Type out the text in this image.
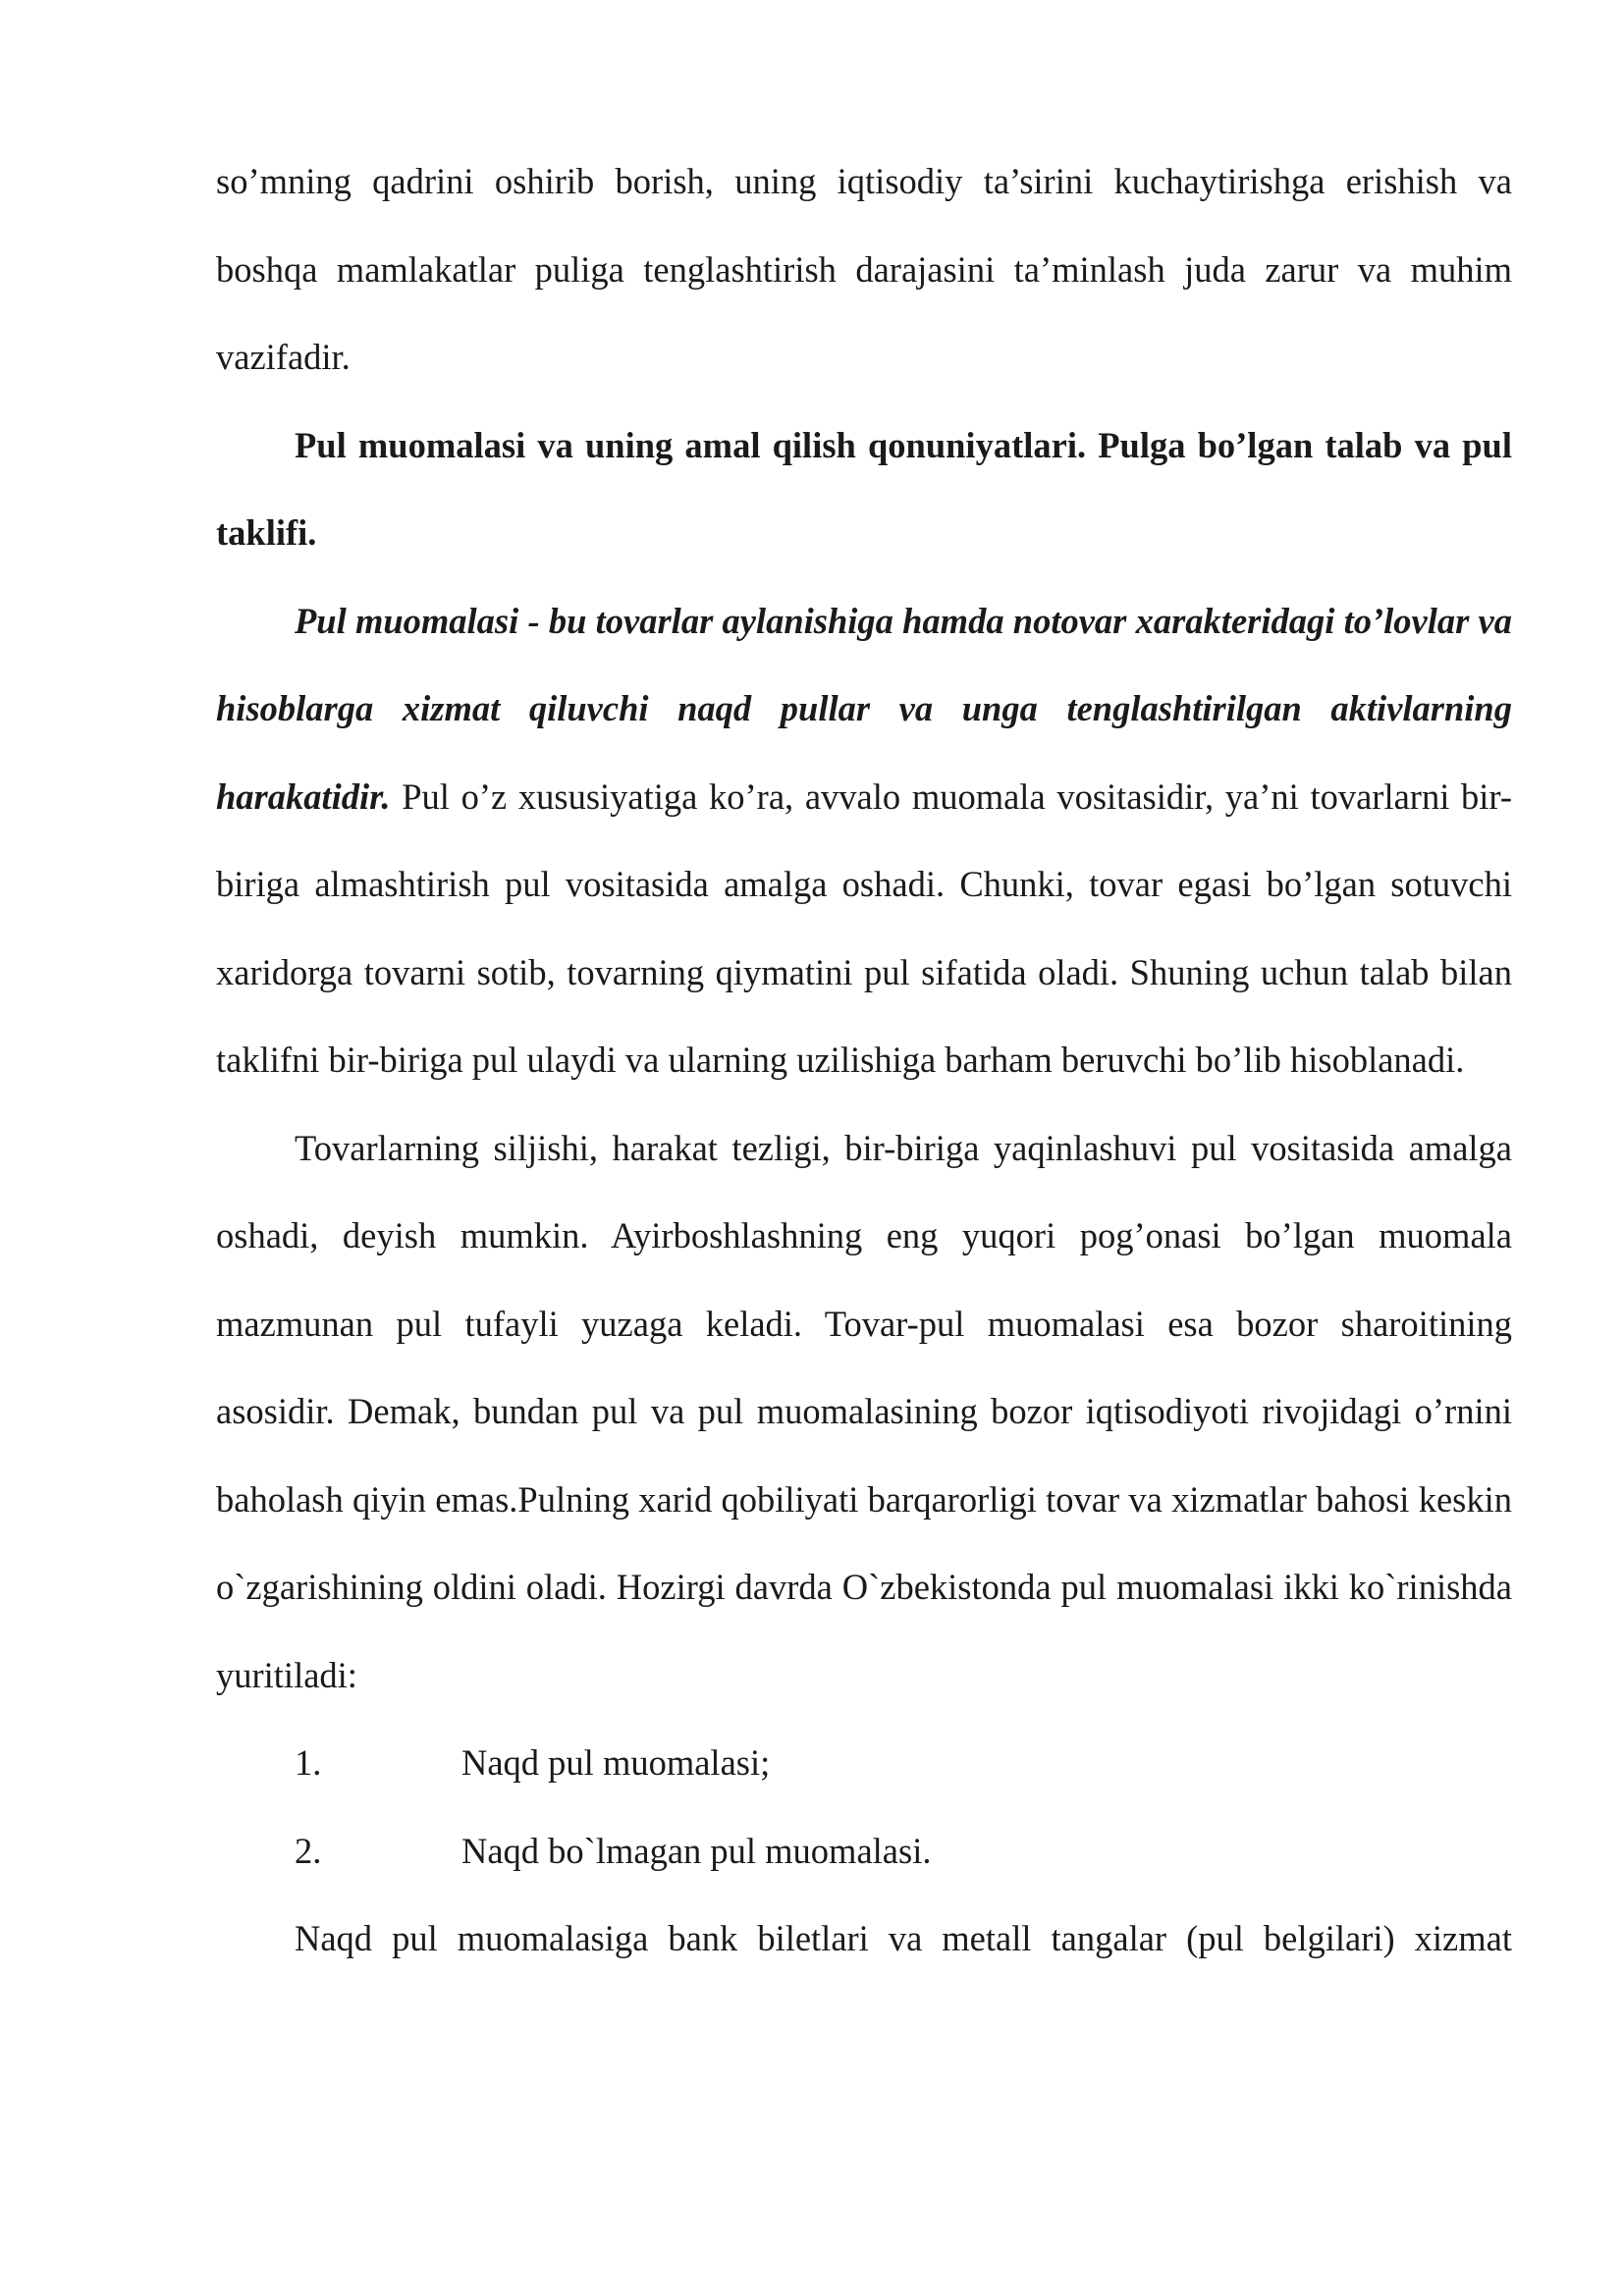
so’mning qadrini oshirib borish, uning iqtisodiy ta’sirini kuchaytirishga erishish va boshqa mamlakatlar puliga tenglashtirish darajasini ta’minlash juda zarur va muhim vazifadir.

Pul muomalasi va uning amal qilish qonuniyatlari. Pulga bo’lgan talab va pul taklifi.

Pul muomalasi - bu tovarlar aylanishiga hamda notovar xarakteridagi to’lovlar va hisoblarga xizmat qiluvchi naqd pullar va unga tenglashtirilgan aktivlarning harakatidir. Pul o’z xususiyatiga ko’ra, avvalo muomala vositasidir, ya’ni tovarlarni bir-biriga almashtirish pul vositasida amalga oshadi. Chunki, tovar egasi bo’lgan sotuvchi xaridorga tovarni sotib, tovarning qiymatini pul sifatida oladi. Shuning uchun talab bilan taklifni bir-biriga pul ulaydi va ularning uzilishiga barham beruvchi bo’lib hisoblanadi.

Tovarlarning siljishi, harakat tezligi, bir-biriga yaqinlashuvi pul vositasida amalga oshadi, deyish mumkin. Ayirboshlashning eng yuqori pog’onasi bo’lgan muomala mazmunan pul tufayli yuzaga keladi. Tovar-pul muomalasi esa bozor sharoitining asosidir. Demak, bundan pul va pul muomalasining bozor iqtisodiyoti rivojidagi o’rnini baholash qiyin emas.Pulning xarid qobiliyati barqarorligi tovar va xizmatlar bahosi keskin o`zgarishining oldini oladi. Hozirgi davrda O`zbekistonda pul muomalasi ikki ko`rinishda yuritiladi:

1.	Naqd pul muomalasi;
2.	Naqd bo`lmagan pul muomalasi.

Naqd pul muomalasiga bank biletlari va metall tangalar (pul belgilari) xizmat
